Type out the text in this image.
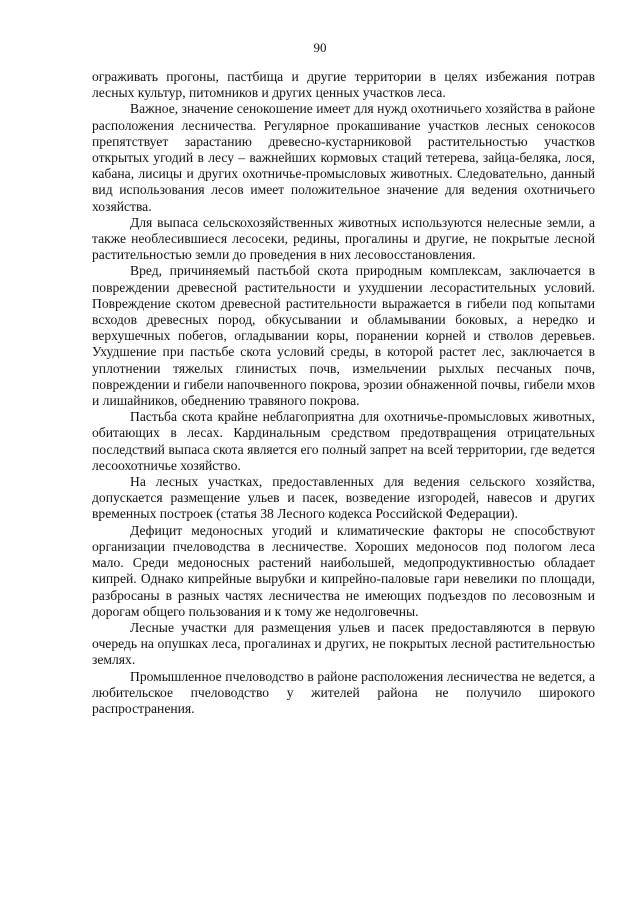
90

ограживать прогоны, пастбища и другие территории в целях избежания потрав лесных культур, питомников и других ценных участков леса.

Важное, значение сенокошение имеет для нужд охотничьего хозяйства в районе расположения лесничества. Регулярное прокашивание участков лесных сенокосов препятствует зарастанию древесно-кустарниковой растительностью участков открытых угодий в лесу – важнейших кормовых стаций тетерева, зайца-беляка, лося, кабана, лисицы и других охотничье-промысловых животных. Следовательно, данный вид использования лесов имеет положительное значение для ведения охотничьего хозяйства.

Для выпаса сельскохозяйственных животных используются нелесные земли, а также необлесившиеся лесосеки, редины, прогалины и другие, не покрытые лесной растительностью земли до проведения в них лесовосстановления.

Вред, причиняемый пастьбой скота природным комплексам, заключается в повреждении древесной растительности и ухудшении лесорастительных условий. Повреждение скотом древесной растительности выражается в гибели под копытами всходов древесных пород, обкусывании и обламывании боковых, а нередко и верхушечных побегов, огладывании коры, поранении корней и стволов деревьев. Ухудшение при пастьбе скота условий среды, в которой растет лес, заключается в уплотнении тяжелых глинистых почв, измельчении рыхлых песчаных почв, повреждении и гибели напочвенного покрова, эрозии обнаженной почвы, гибели мхов и лишайников, обеднению травяного покрова.

Пастьба скота крайне неблагоприятна для охотничье-промысловых животных, обитающих в лесах. Кардинальным средством предотвращения отрицательных последствий выпаса скота является его полный запрет на всей территории, где ведется лесоохотничье хозяйство.

На лесных участках, предоставленных для ведения сельского хозяйства, допускается размещение ульев и пасек, возведение изгородей, навесов и других временных построек (статья 38 Лесного кодекса Российской Федерации).

Дефицит медоносных угодий и климатические факторы не способствуют организации пчеловодства в лесничестве. Хороших медоносов под пологом леса мало. Среди медоносных растений наибольшей, медопродуктивностью обладает кипрей. Однако кипрейные вырубки и кипрейно-паловые гари невелики по площади, разбросаны в разных частях лесничества не имеющих подъездов по лесовозным и дорогам общего пользования и к тому же недолговечны.

Лесные участки для размещения ульев и пасек предоставляются в первую очередь на опушках леса, прогалинах и других, не покрытых лесной растительностью землях.

Промышленное пчеловодство в районе расположения лесничества не ведется, а любительское пчеловодство у жителей района не получило широкого распространения.
